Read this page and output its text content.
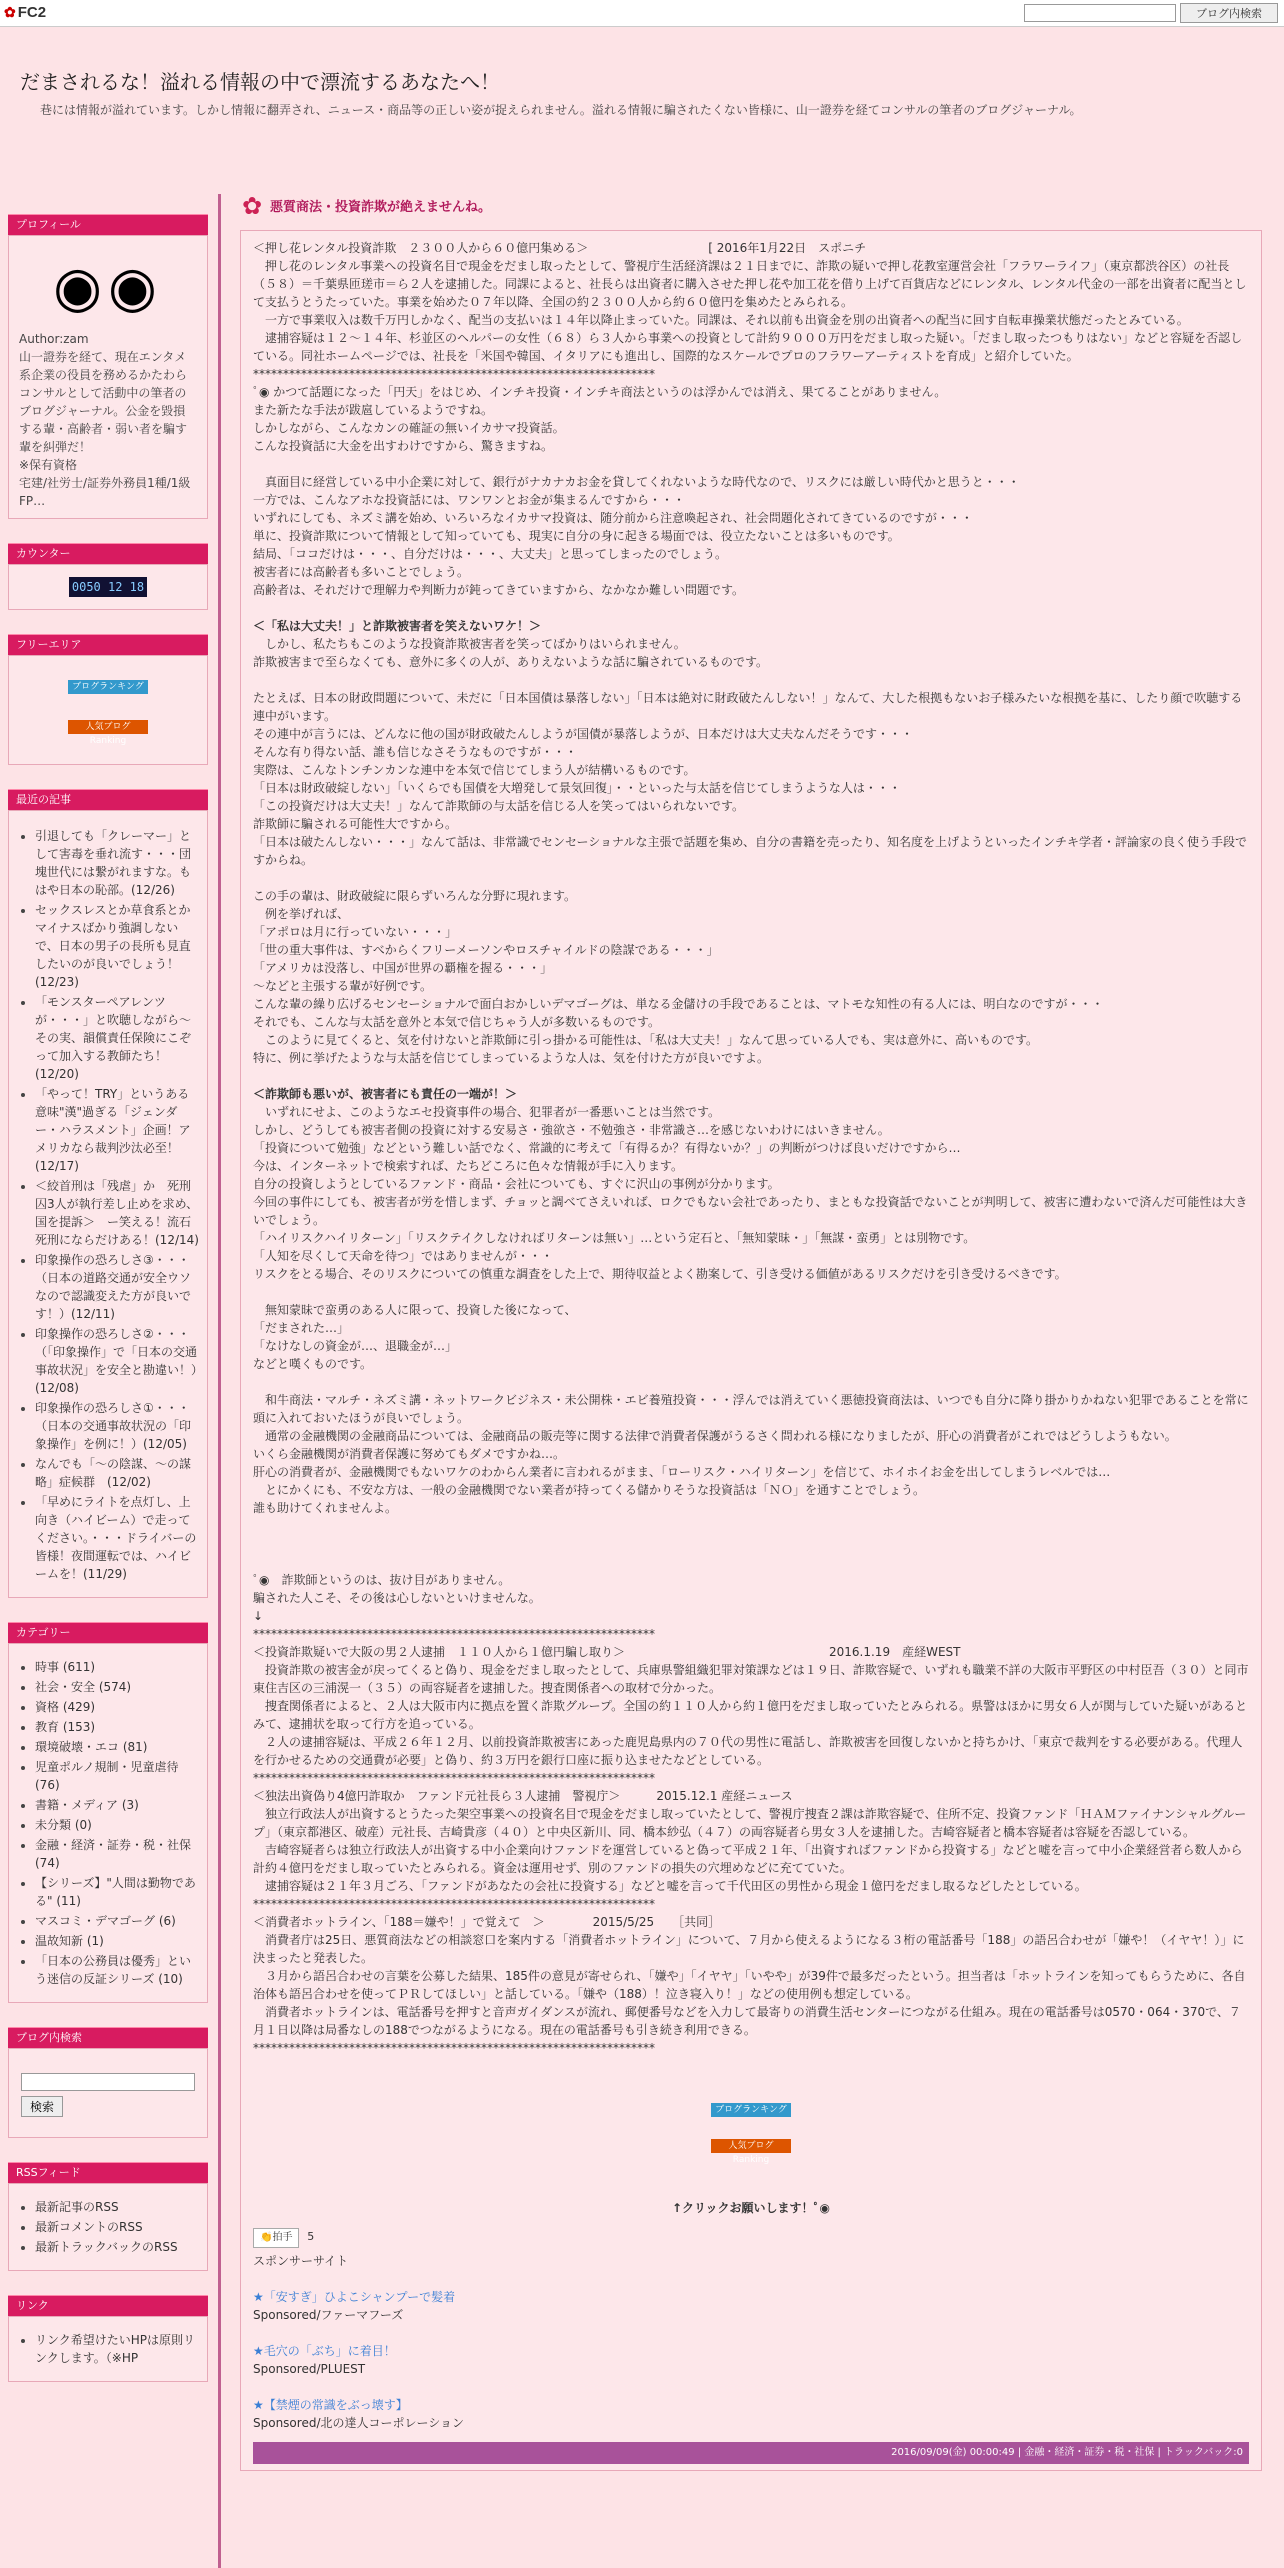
✿ FC2	ブログ内検索
だまされるな！溢れる情報の中で漂流するあなたへ！
巷には情報が溢れています。しかし情報に翻弄され、ニュース・商品等の正しい姿が捉えられません。溢れる情報に騙されたくない皆様に、山一證券を経てコンサルの筆者のブログジャーナル。
プロフィール
◉◉
Author:zam
山一證券を経て、現在エンタメ系企業の役員を務めるかたわらコンサルとして活動中の筆者のブログジャーナル。公金を毀損する輩・高齢者・弱い者を騙す輩を糾弾だ！
※保有資格
宅建/社労士/証券外務員1種/1級FP…
カウンター
0050 12 18
フリーエリア
ブログランキング
人気ブログRanking
最近の記事
• 引退しても「クレーマー」として害毒を垂れ流す・・・団塊世代には繋がれますな。もはや日本の恥部。(12/26)
• セックスレスとか草食系とかマイナスばかり強調しないで、日本の男子の長所も見直したいのが良いでしょう！(12/23)
• 「モンスターペアレンツが・・・」と吹聴しながら～その実、韻償責任保険にこぞって加入する教師たち！(12/20)
• 「やって！TRY」というある意味"漢"過ぎる「ジェンダー・ハラスメント」企画！アメリカなら裁判沙汰必至！(12/17)
• ＜絞首刑は「残虐」か　死刑囚3人が執行差し止めを求め、国を提訴＞　ー笑える！流石死刑にならだけある！(12/14)
• 印象操作の恐ろしさ③・・・（日本の道路交通が安全ウソなので認識変えた方が良いです！）(12/11)
• 印象操作の恐ろしさ②・・・（「印象操作」で「日本の交通事故状況」を安全と勘違い！）(12/08)
• 印象操作の恐ろしさ①・・・（日本の交通事故状況の「印象操作」を例に！）(12/05)
• なんでも「～の陰謀、～の謀略」症候群　(12/02)
• 「早めにライトを点灯し、上向き（ハイビーム）で走ってください。・・・ドライバーの皆様！夜間運転では、ハイビームを！(11/29)
カテゴリー
• 時事 (611)
• 社会・安全 (574)
• 資格 (429)
• 教育 (153)
• 環境破壊・エコ (81)
• 児童ポルノ規制・児童虐待 (76)
• 書籍・メディア (3)
• 未分類 (0)
• 金融・経済・証券・税・社保 (74)
• 【シリーズ】"人間は勤物である" (11)
• マスコミ・デマゴーグ (6)
• 温故知新 (1)
• 「日本の公務員は優秀」という迷信の反証シリーズ (10)
ブログ内検索
検索
RSSフィード
• 最新記事のRSS
• 最新コメントのRSS
• 最新トラックバックのRSS
リンク
• リンク希望けたいHPは原則リンクします。（※HP
✿ 悪質商法・投資詐欺が絶えませんね。

＜押し花レンタル投資詐欺　２３００人から６０億円集める＞　　　　　　　　　　[ 2016年1月22日　スポニチ

　押し花のレンタル事業への投資名目で現金をだまし取ったとして、警視庁生活経済課は２１日までに、詐欺の疑いで押し花教室運営会社「フラワーライフ」（東京都渋谷区）の社長（５８）＝千葉県匝瑳市＝ら２人を逮捕した。同課によると、社長らは出資者に購入させた押し花や加工花を借り上げて百貨店などにレンタル、レンタル代金の一部を出資者に配当として支払うとうたっていた。事業を始めた０７年以降、全国の約２３００人から約６０億円を集めたとみられる。

　一方で事業収入は数千万円しかなく、配当の支払いは１４年以降止まっていた。同課は、それ以前も出資金を別の出資者への配当に回す自転車操業状態だったとみている。

　逮捕容疑は１２～１４年、杉並区のヘルパーの女性（６８）ら３人から事業への投資として計約９０００万円をだまし取った疑い。「だまし取ったつもりはない」などと容疑を否認している。同社ホームページでは、社長を「米国や韓国、イタリアにも進出し、国際的なスケールでプロのフラワーアーティストを育成」と紹介していた。

*******************************************************************

ﾟ◉ かつて話題になった「円天」をはじめ、インチキ投資・インチキ商法というのは浮かんでは消え、果てることがありません。

また新たな手法が跋扈しているようですね。

しかしながら、こんなカンの確証の無いイカサマ投資話。

こんな投資話に大金を出すわけですから、驚きますね。

　真面目に経営している中小企業に対して、銀行がナカナカお金を貸してくれないような時代なので、リスクには厳しい時代かと思うと・・・

一方では、こんなアホな投資話には、ワンワンとお金が集まるんですから・・・

いずれにしても、ネズミ講を始め、いろいろなイカサマ投資は、随分前から注意喚起され、社会問題化されてきているのですが・・・

単に、投資詐欺について情報として知っていても、現実に自分の身に起きる場面では、役立たないことは多いものです。

結局、「ココだけは・・・、自分だけは・・・、大丈夫」と思ってしまったのでしょう。

被害者には高齢者も多いことでしょう。

高齢者は、それだけで理解力や判断力が鈍ってきていますから、なかなか難しい問題です。

＜「私は大丈夫！」と詐欺被害者を笑えないワケ！＞

　しかし、私たちもこのような投資詐欺被害者を笑ってばかりはいられません。

詐欺被害まで至らなくても、意外に多くの人が、ありえないような話に騙されているものです。

たとえば、日本の財政問題について、未だに「日本国債は暴落しない」「日本は絶対に財政破たんしない！」なんて、大した根拠もないお子様みたいな根拠を基に、したり顔で吹聴する連中がいます。

その連中が言うには、どんなに他の国が財政破たんしようが国債が暴落しようが、日本だけは大丈夫なんだそうです・・・

そんな有り得ない話、誰も信じなさそうなものですが・・・

実際は、こんなトンチンカンな連中を本気で信じてしまう人が結構いるものです。

「日本は財政破綻しない」「いくらでも国債を大増発して景気回復」・・といった与太話を信じてしまうような人は・・・

「この投資だけは大丈夫！」なんて詐欺師の与太話を信じる人を笑ってはいられないです。

詐欺師に騙される可能性大ですから。

「日本は破たんしない・・・」なんて話は、非常識でセンセーショナルな主張で話題を集め、自分の書籍を売ったり、知名度を上げようといったインチキ学者・評論家の良く使う手段ですからね。

この手の輩は、財政破綻に限らずいろんな分野に現れます。

　例を挙げれば、

「アポロは月に行っていない・・・」

「世の重大事件は、すべからくフリーメーソンやロスチャイルドの陰謀である・・・」

「アメリカは没落し、中国が世界の覇権を握る・・・」

～などと主張する輩が好例です。

こんな輩の繰り広げるセンセーショナルで面白おかしいデマゴーグは、単なる金儲けの手段であることは、マトモな知性の有る人には、明白なのですが・・・

それでも、こんな与太話を意外と本気で信じちゃう人が多数いるものです。

　このように見てくると、気を付けないと詐欺師に引っ掛かる可能性は、「私は大丈夫！」なんて思っている人でも、実は意外に、高いものです。

特に、例に挙げたような与太話を信じてしまっているような人は、気を付けた方が良いですよ。

＜詐欺師も悪いが、被害者にも責任の一端が！＞

　いずれにせよ、このようなエセ投資事件の場合、犯罪者が一番悪いことは当然です。

しかし、どうしても被害者側の投資に対する安易さ・強欲さ・不勉強さ・非常識さ…を感じないわけにはいきません。

「投資について勉強」などという難しい話でなく、常識的に考えて「有得るか？有得ないか？」の判断がつけば良いだけですから…

今は、インターネットで検索すれば、たちどころに色々な情報が手に入ります。

自分の投資しようとしているファンド・商品・会社についても、すぐに沢山の事例が分かります。

今回の事件にしても、被害者が労を惜しまず、チョッと調べてさえいれば、ロクでもない会社であったり、まともな投資話でないことが判明して、被害に遭わないで済んだ可能性は大きいでしょう。

「ハイリスクハイリターン」「リスクテイクしなければリターンは無い」…という定石と、「無知蒙昧・」「無謀・蛮勇」とは別物です。

「人知を尽くして天命を待つ」ではありませんが・・・

リスクをとる場合、そのリスクについての慎重な調査をした上で、期待収益とよく勘案して、引き受ける価値があるリスクだけを引き受けるべきです。

　無知蒙昧で蛮勇のある人に限って、投資した後になって、

「だまされた…」

「なけなしの資金が…、退職金が…」

などと嘆くものです。

　和牛商法・マルチ・ネズミ講・ネットワークビジネス・未公開株・エビ養殖投資・・・浮んでは消えていく悪徳投資商法は、いつでも自分に降り掛かりかねない犯罪であることを常に頭に入れておいたほうが良いでしょう。

　通常の金融機関の金融商品については、金融商品の販売等に関する法律で消費者保護がうるさく問われる様になりましたが、肝心の消費者がこれではどうしようもない。

いくら金融機関が消費者保護に努めてもダメですかね…。

肝心の消費者が、金融機関でもないワケのわからん業者に言われるがまま、「ローリスク・ハイリターン」を信じて、ホイホイお金を出してしまうレベルでは…

　とにかくにも、不安な方は、一般の金融機関でない業者が持ってくる儲かりそうな投資話は「ＮＯ」を通すことでしょう。

誰も助けてくれませんよ。

ﾟ◉　詐欺師というのは、抜け目がありません。

騙された人こそ、その後は心しないといけませんな。

↓

*******************************************************************

＜投資詐欺疑いで大阪の男２人逮捕　１１０人から１億円騙し取り＞　　　　　　　　　　　　　　　　　2016.1.19　産経WEST

　投資詐欺の被害金が戻ってくると偽り、現金をだまし取ったとして、兵庫県警組織犯罪対策課などは１９日、詐欺容疑で、いずれも職業不詳の大阪市平野区の中村臣吾（３０）と同市東住吉区の三浦滉一（３５）の両容疑者を逮捕した。捜査関係者への取材で分かった。

　捜査関係者によると、２人は大阪市内に拠点を置く詐欺グループ。全国の約１１０人から約１億円をだまし取っていたとみられる。県警はほかに男女６人が関与していた疑いがあるとみて、逮捕状を取って行方を追っている。

　２人の逮捕容疑は、平成２６年１２月、以前投資詐欺被害にあった鹿児島県内の７０代の男性に電話し、詐欺被害を回復しないかと持ちかけ、「東京で裁判をする必要がある。代理人を行かせるための交通費が必要」と偽り、約３万円を銀行口座に振り込ませたなどとしている。

*******************************************************************

＜独法出資偽り4億円詐取か　ファンド元社長ら３人逮捕　警視庁＞　　　2015.12.1 産経ニュース

　独立行政法人が出資するとうたった架空事業への投資名目で現金をだまし取っていたとして、警視庁捜査２課は詐欺容疑で、住所不定、投資ファンド「ＨＡＭファイナンシャルグループ」（東京都港区、破産）元社長、吉崎貴彦（４０）と中央区新川、同、橋本紗弘（４７）の両容疑者ら男女３人を逮捕した。吉崎容疑者と橋本容疑者は容疑を否認している。

　吉崎容疑者らは独立行政法人が出資する中小企業向けファンドを運営していると偽って平成２１年、「出資すればファンドから投資する」などと嘘を言って中小企業経営者ら数人から計約４億円をだまし取っていたとみられる。資金は運用せず、別のファンドの損失の穴埋めなどに充てていた。

　逮捕容疑は２１年３月ごろ、「ファンドがあなたの会社に投資する」などと嘘を言って千代田区の男性から現金１億円をだまし取るなどしたとしている。

*******************************************************************

＜消費者ホットライン、「188＝嫌や！」で覚えて　＞　　　　2015/5/25　　［共同］

　消費者庁は25日、悪質商法などの相談窓口を案内する「消費者ホットライン」について、７月から使えるようになる３桁の電話番号「188」の語呂合わせが「嫌や！（イヤヤ！）」に決まったと発表した。

　３月から語呂合わせの言葉を公募した結果、185件の意見が寄せられ、「嫌や」「イヤヤ」「いやや」が39件で最多だったという。担当者は「ホットラインを知ってもらうために、各自治体も語呂合わせを使ってＰＲしてほしい」と話している。「嫌や（188）！泣き寝入り！」などの使用例も想定している。

　消費者ホットラインは、電話番号を押すと音声ガイダンスが流れ、郵便番号などを入力して最寄りの消費生活センターにつながる仕組み。現在の電話番号は0570・064・370で、７月１日以降は局番なしの188でつながるようになる。現在の電話番号も引き続き利用できる。

*******************************************************************

ブログランキング
人気ブログRanking

↑クリックお願いします！ﾟ◉

👏拍手 5
スポンサーサイト
★「安すぎ」ひよこシャンプーで髪着
Sponsored/ファーマフーズ
★毛穴の「ぶち」に着目！
Sponsored/PLUEST
★【禁煙の常識をぶっ壊す】
Sponsored/北の達人コーポレーション
2016/09/09(金) 00:00:49 | 金融・経済・証券・税・社保 | トラックバック:0
